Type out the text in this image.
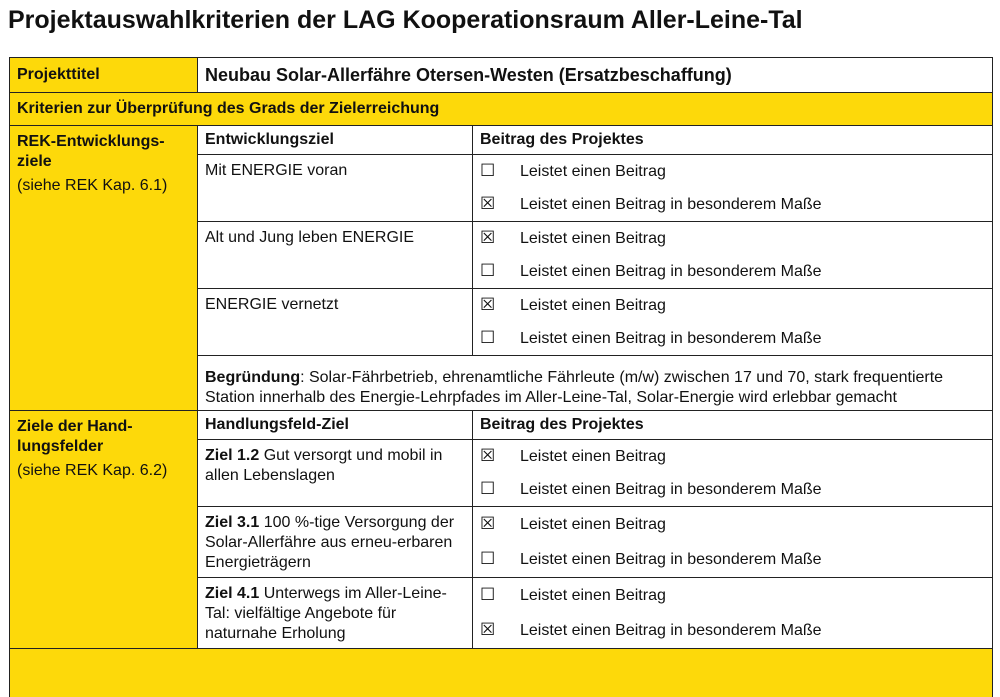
Projektauswahlkriterien der LAG Kooperationsraum Aller-Leine-Tal
Projekttitel	Neubau Solar-Allerfähre Otersen-Westen (Ersatzbeschaffung)	
Kriterien zur Überprüfung des Grads der Zielerreichung		

REK-Entwicklungs-
ziele
(siehe REK Kap. 6.1)	Entwicklungsziel	Beitrag des Projektes
	Mit ENERGIE voran	☐ Leistet einen Beitrag
		☒ Leistet einen Beitrag in besonderem Maße
	Alt und Jung leben ENERGIE	☒ Leistet einen Beitrag
		☐ Leistet einen Beitrag in besonderem Maße
	ENERGIE vernetzt	☒ Leistet einen Beitrag
		☐ Leistet einen Beitrag in besonderem Maße
	Begründung: Solar-Fährbetrieb, ehrenamtliche Fährleute (m/w) zwischen 17 und 70, stark frequentierte Station innerhalb des Energie-Lehrpfades im Aller-Leine-Tal, Solar-Energie wird erlebbar gemacht	

Ziele der Hand-
lungsfelder
(siehe REK Kap. 6.2)	Handlungsfeld-Ziel	Beitrag des Projektes
	Ziel 1.2 Gut versorgt und mobil in allen Lebenslagen	☒ Leistet einen Beitrag
		☐ Leistet einen Beitrag in besonderem Maße
	Ziel 3.1 100 %-tige Versorgung der Solar-Allerfähre aus erneu-erbaren Energieträgern	☒ Leistet einen Beitrag
		☐ Leistet einen Beitrag in besonderem Maße
	Ziel 4.1 Unterwegs im Aller-Leine-Tal: vielfältige Angebote für naturnahe Erholung	☐ Leistet einen Beitrag
		☒ Leistet einen Beitrag in besonderem Maße
